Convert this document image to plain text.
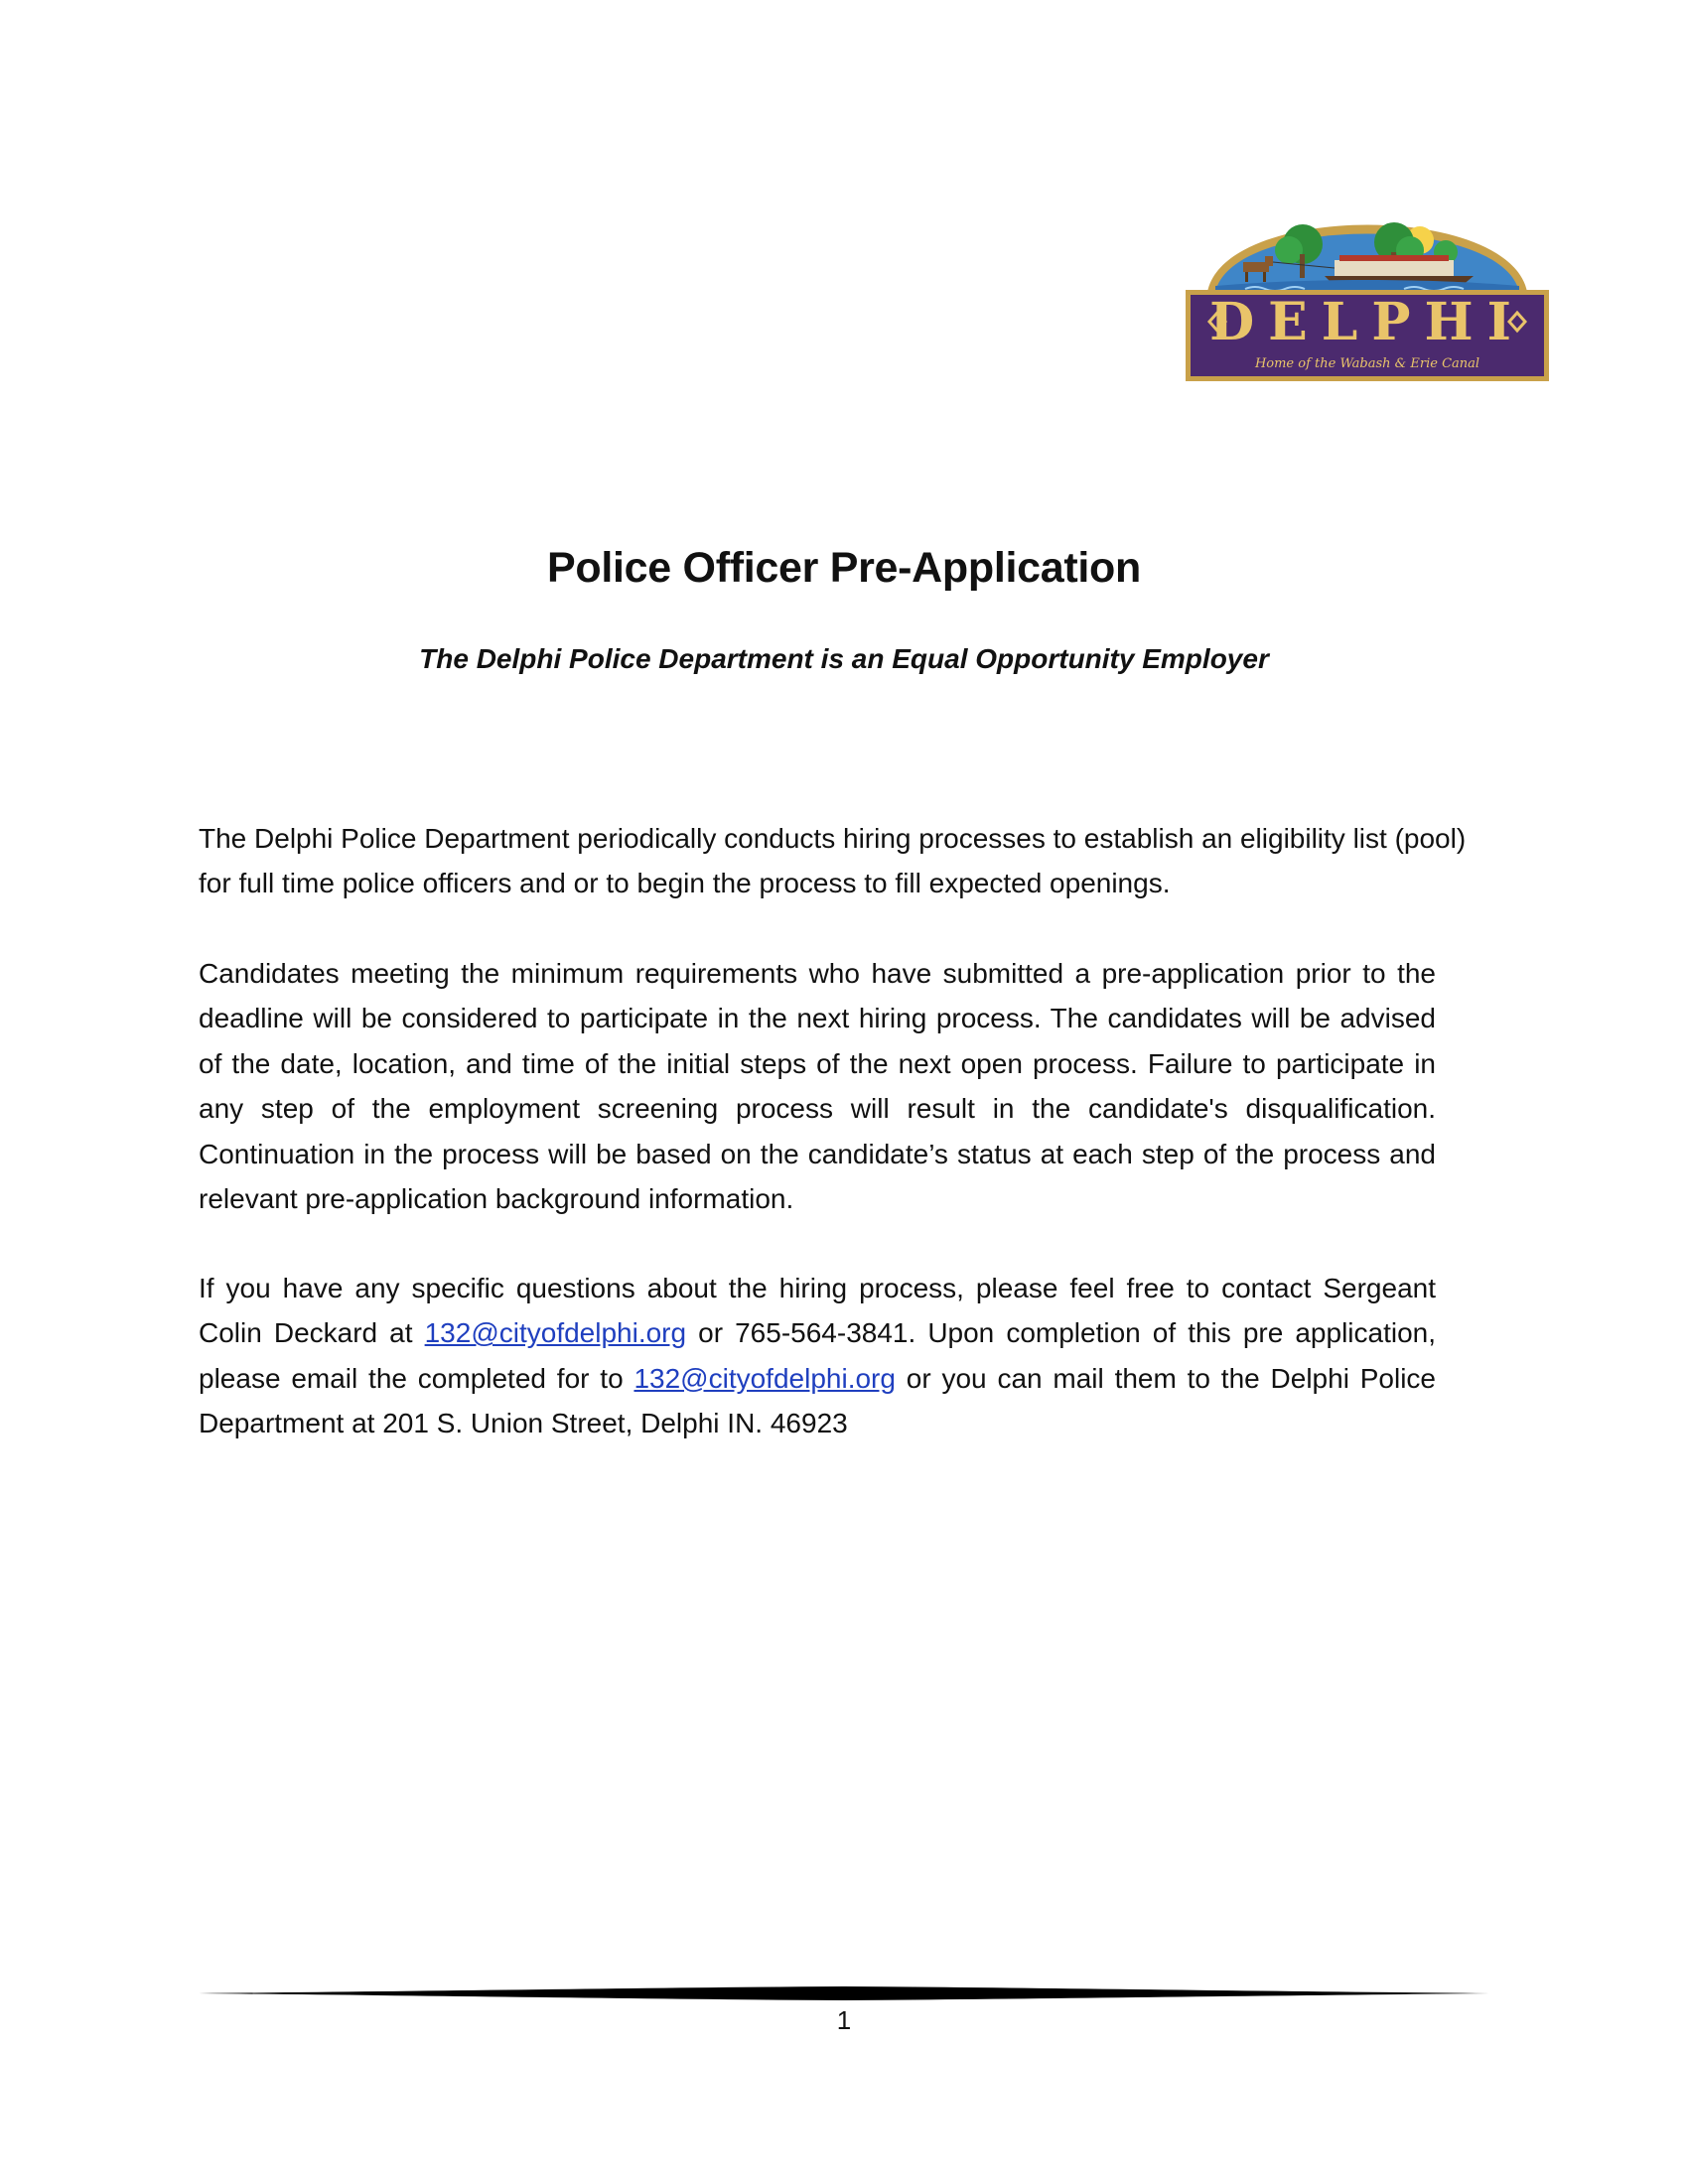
DELPHI
Home of the Wabash & Erie Canal
Police Officer Pre-Application
The Delphi Police Department is an Equal Opportunity Employer

The Delphi Police Department periodically conducts hiring processes to establish an eligibility list (pool) for full time police officers and or to begin the process to fill expected openings.

Candidates meeting the minimum requirements who have submitted a pre-application prior to the deadline will be considered to participate in the next hiring process. The candidates will be advised of the date, location, and time of the initial steps of the next open process. Failure to participate in any step of the employment screening process will result in the candidate's disqualification. Continuation in the process will be based on the candidate’s status at each step of the process and relevant pre-application background information.

If you have any specific questions about the hiring process, please feel free to contact Sergeant Colin Deckard at 132@cityofdelphi.org or 765-564-3841. Upon completion of this pre application, please email the completed for to 132@cityofdelphi.org or you can mail them to the Delphi Police Department at 201 S. Union Street, Delphi IN. 46923

1
